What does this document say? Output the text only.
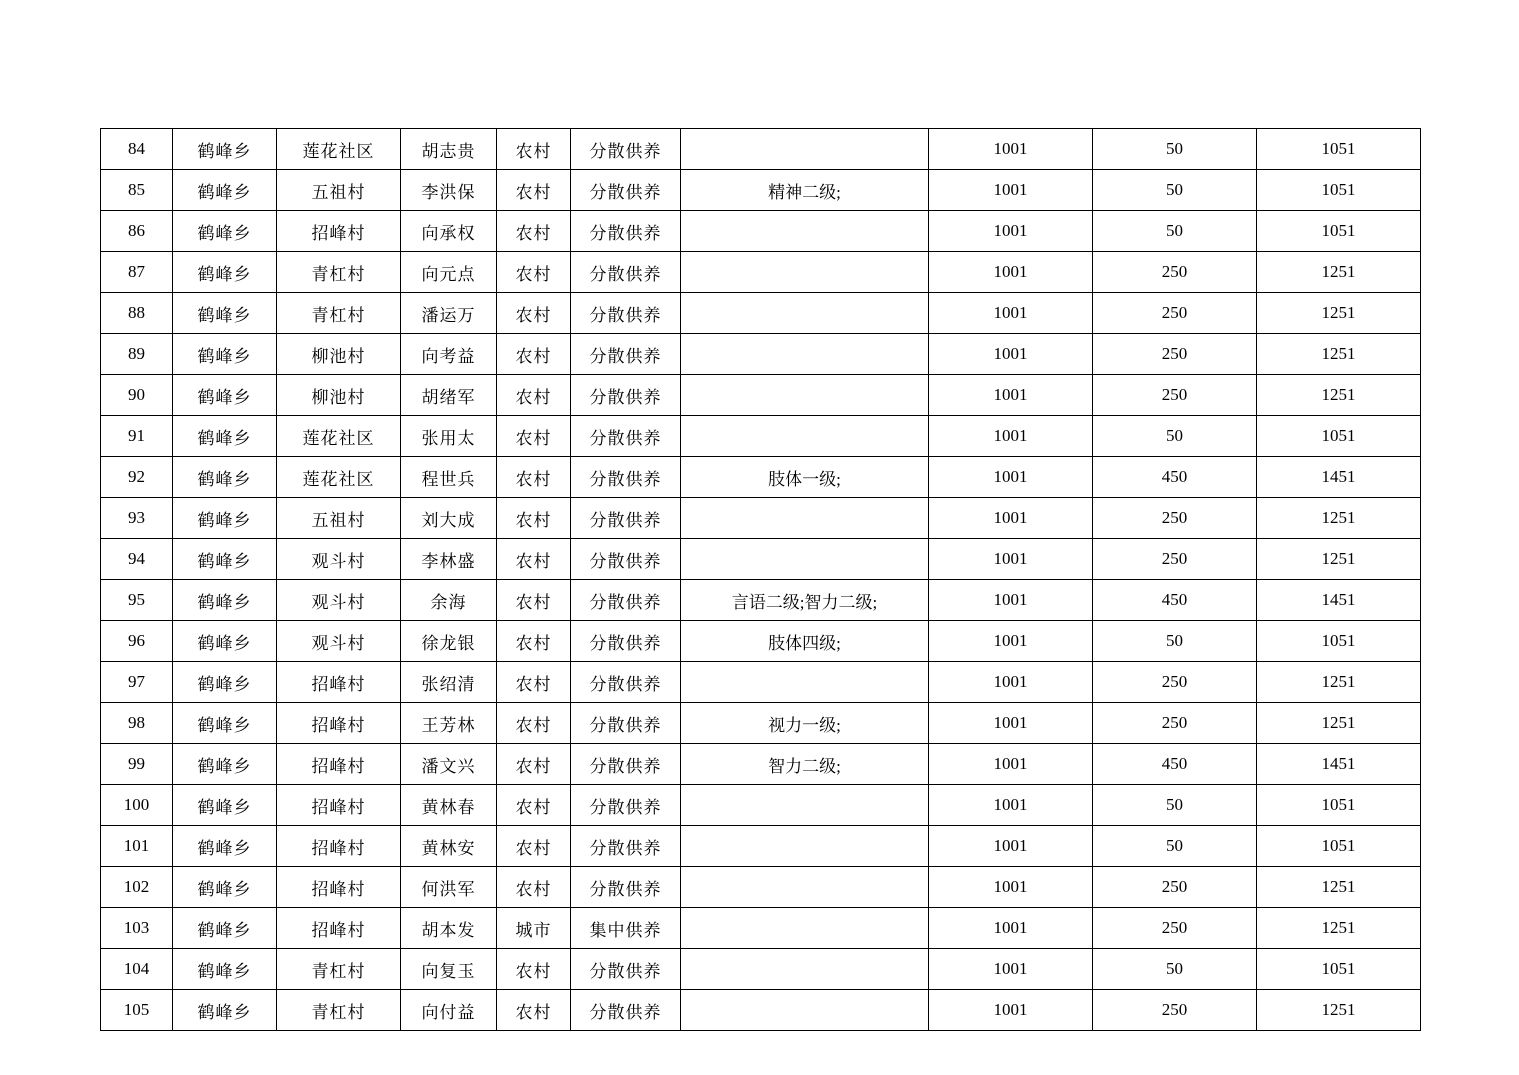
84	鹤峰乡	莲花社区	胡志贵	农村	分散供养		1001	50	1051
85	鹤峰乡	五祖村	李洪保	农村	分散供养	精神二级;	1001	50	1051
86	鹤峰乡	招峰村	向承权	农村	分散供养		1001	50	1051
87	鹤峰乡	青杠村	向元点	农村	分散供养		1001	250	1251
88	鹤峰乡	青杠村	潘运万	农村	分散供养		1001	250	1251
89	鹤峰乡	柳池村	向考益	农村	分散供养		1001	250	1251
90	鹤峰乡	柳池村	胡绪军	农村	分散供养		1001	250	1251
91	鹤峰乡	莲花社区	张用太	农村	分散供养		1001	50	1051
92	鹤峰乡	莲花社区	程世兵	农村	分散供养	肢体一级;	1001	450	1451
93	鹤峰乡	五祖村	刘大成	农村	分散供养		1001	250	1251
94	鹤峰乡	观斗村	李林盛	农村	分散供养		1001	250	1251
95	鹤峰乡	观斗村	余海	农村	分散供养	言语二级;智力二级;	1001	450	1451
96	鹤峰乡	观斗村	徐龙银	农村	分散供养	肢体四级;	1001	50	1051
97	鹤峰乡	招峰村	张绍清	农村	分散供养		1001	250	1251
98	鹤峰乡	招峰村	王芳林	农村	分散供养	视力一级;	1001	250	1251
99	鹤峰乡	招峰村	潘文兴	农村	分散供养	智力二级;	1001	450	1451
100	鹤峰乡	招峰村	黄林春	农村	分散供养		1001	50	1051
101	鹤峰乡	招峰村	黄林安	农村	分散供养		1001	50	1051
102	鹤峰乡	招峰村	何洪军	农村	分散供养		1001	250	1251
103	鹤峰乡	招峰村	胡本发	城市	集中供养		1001	250	1251
104	鹤峰乡	青杠村	向复玉	农村	分散供养		1001	50	1051
105	鹤峰乡	青杠村	向付益	农村	分散供养		1001	250	1251
